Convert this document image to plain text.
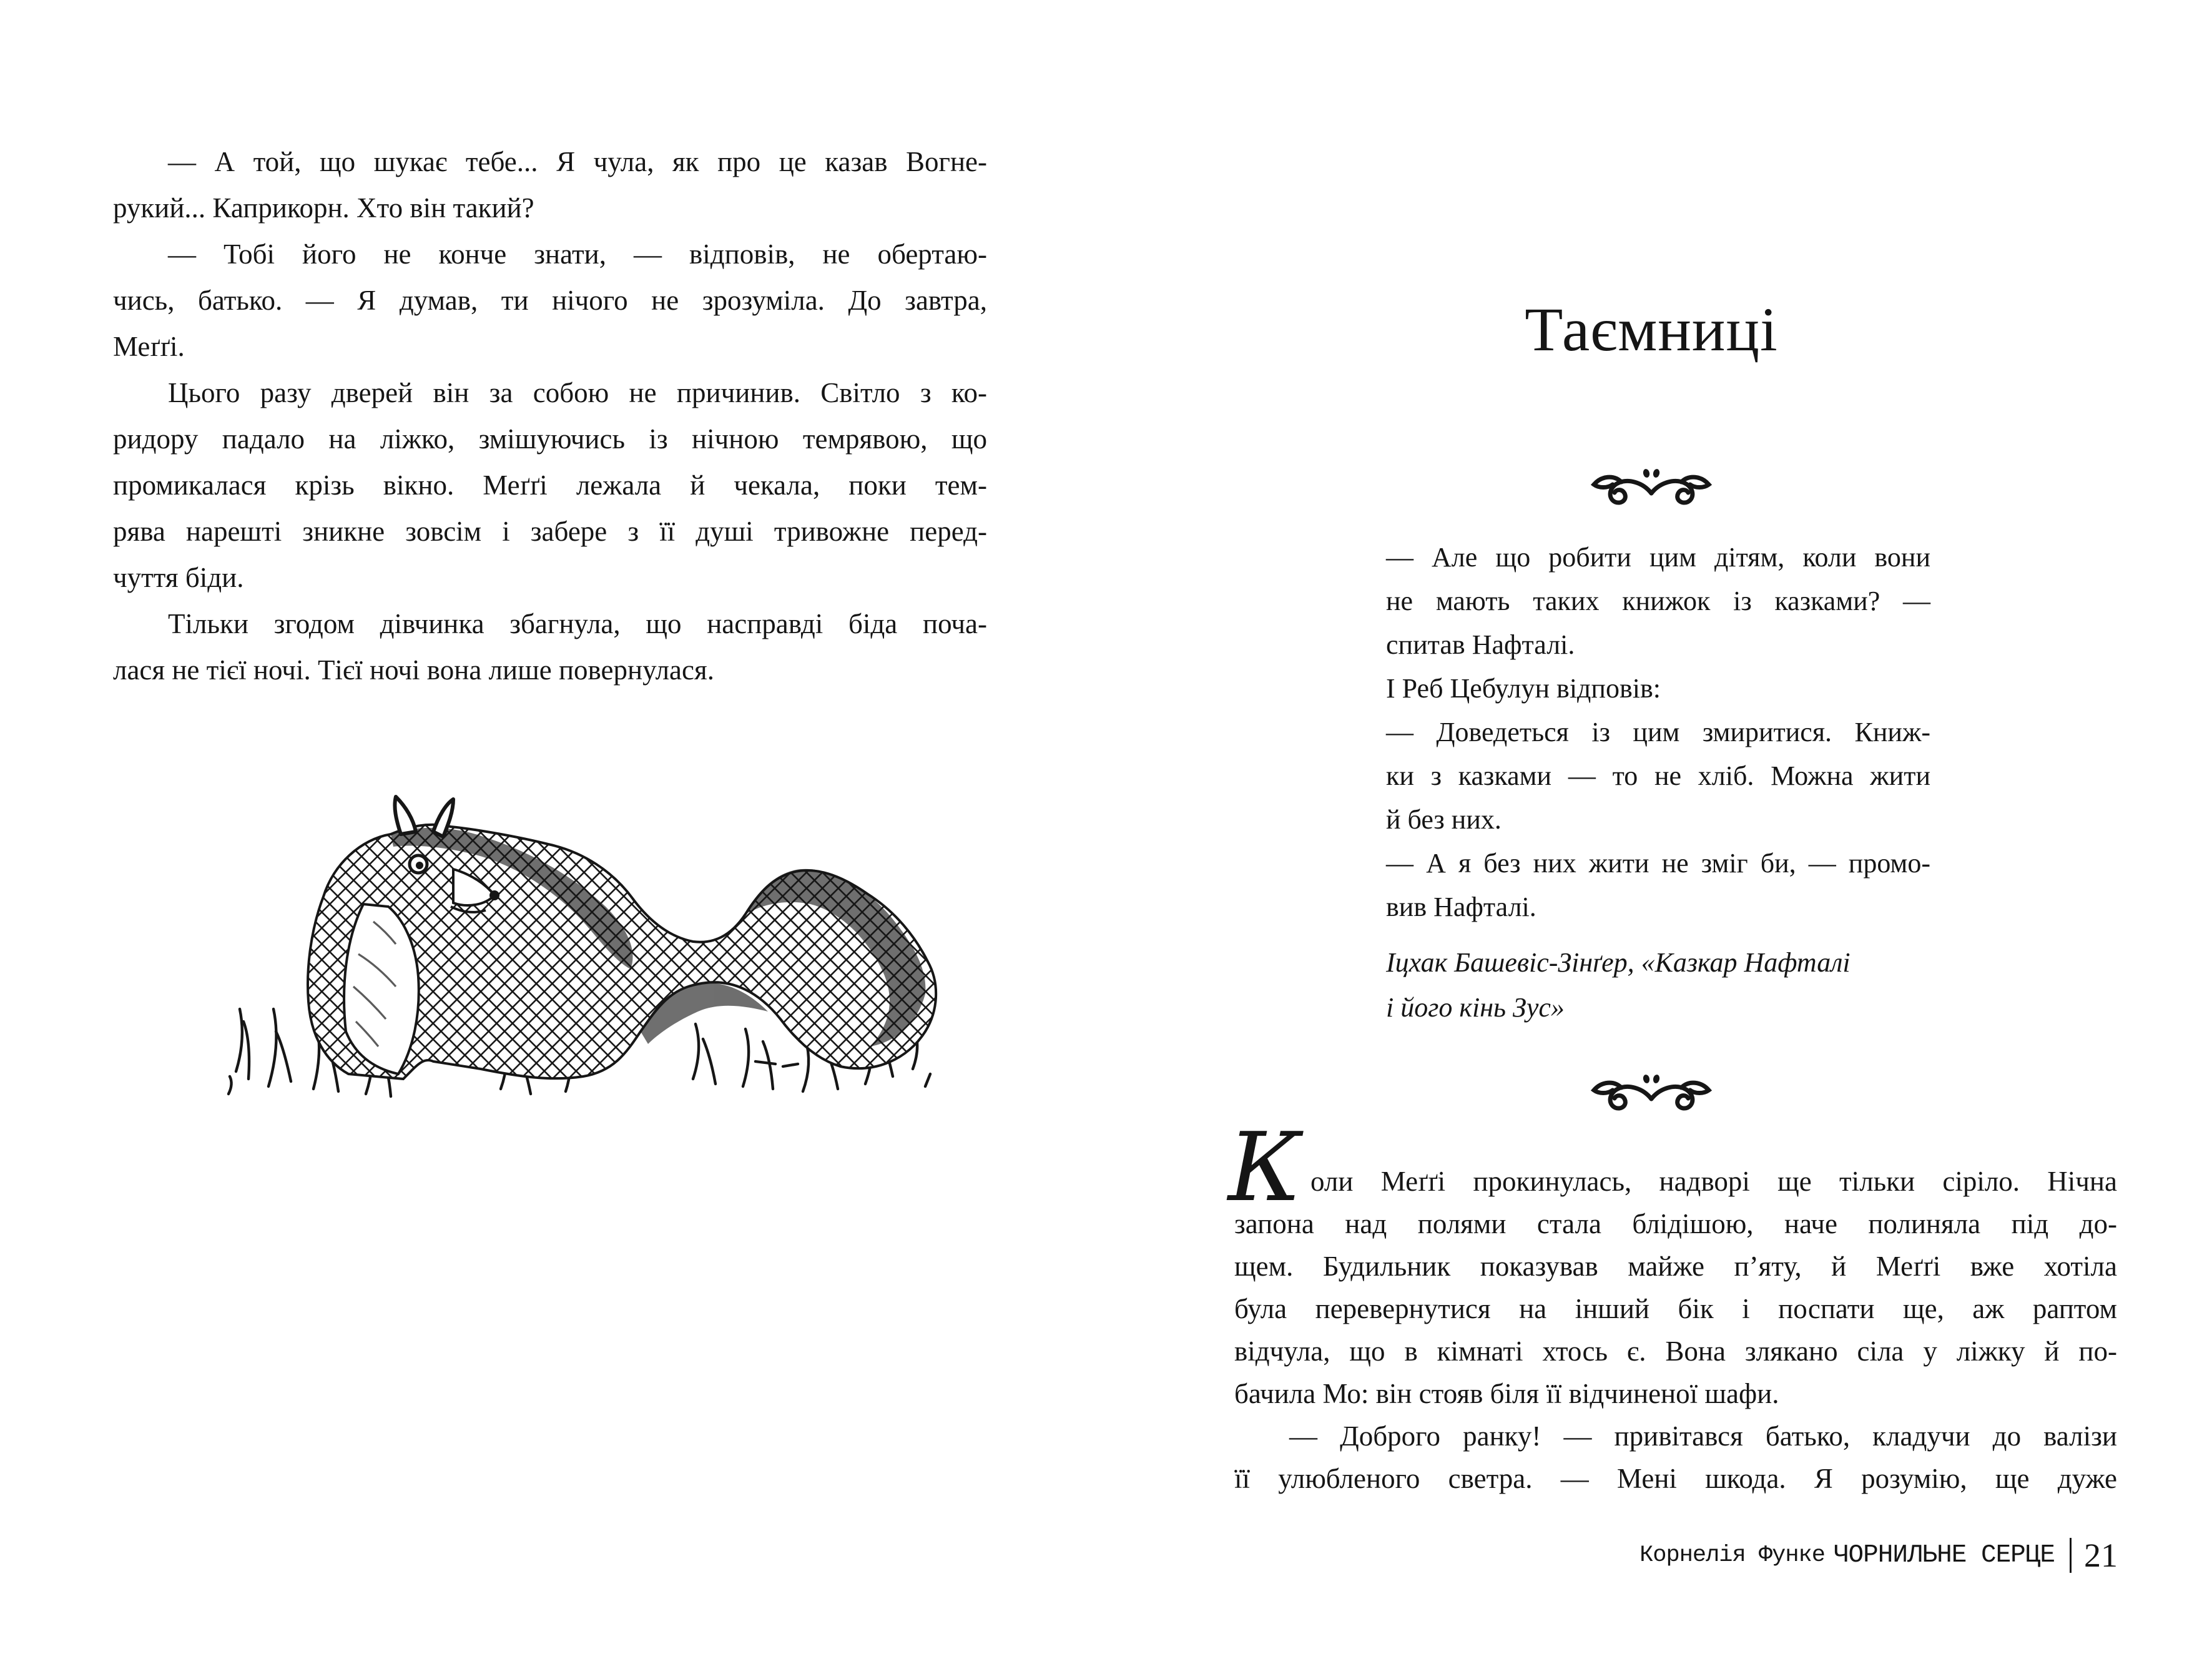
— А той, що шукає тебе... Я чула, як про це казав Вогне-
рукий... Каприкорн. Хто він такий?
— Тобі його не конче знати, — відповів, не обертаю-
чись, батько. — Я думав, ти нічого не зрозуміла. До завтра,
Меґґі.
Цього разу дверей він за собою не причинив. Світло з ко-
ридору падало на ліжко, змішуючись із нічною темрявою, що
промикалася крізь вікно. Меґґі лежала й чекала, поки тем-
рява нарешті зникне зовсім і забере з її душі тривожне перед-
чуття біди.
Тільки згодом дівчинка збагнула, що насправді біда поча-
лася не тієї ночі. Тієї ночі вона лише повернулася.
Таємниці
— Але що робити цим дітям, коли вони
не мають таких книжок із казками? —
спитав Нафталі.
І Реб Цебулун відповів:
— Доведеться із цим змиритися. Книж-
ки з казками — то не хліб. Можна жити
й без них.
— А я без них жити не зміг би, — промо-
вив Нафталі.
Іцхак Башевіс-Зінґер, «Казкар Нафталі
і його кінь Зус»
К оли Меґґі прокинулась, надворі ще тільки сіріло. Нічна
запона над полями стала блідішою, наче полиняла під до-
щем. Будильник показував майже п’яту, й Меґґі вже хотіла
була перевернутися на інший бік і поспати ще, аж раптом
відчула, що в кімнаті хтось є. Вона злякано сіла у ліжку й по-
бачила Мо: він стояв біля її відчиненої шафи.
— Доброго ранку! — привітався батько, кладучи до валізи
її улюбленого светра. — Мені шкода. Я розумію, ще дуже
Корнелія Функе ЧОРНИЛЬНЕ СЕРЦЕ 21
